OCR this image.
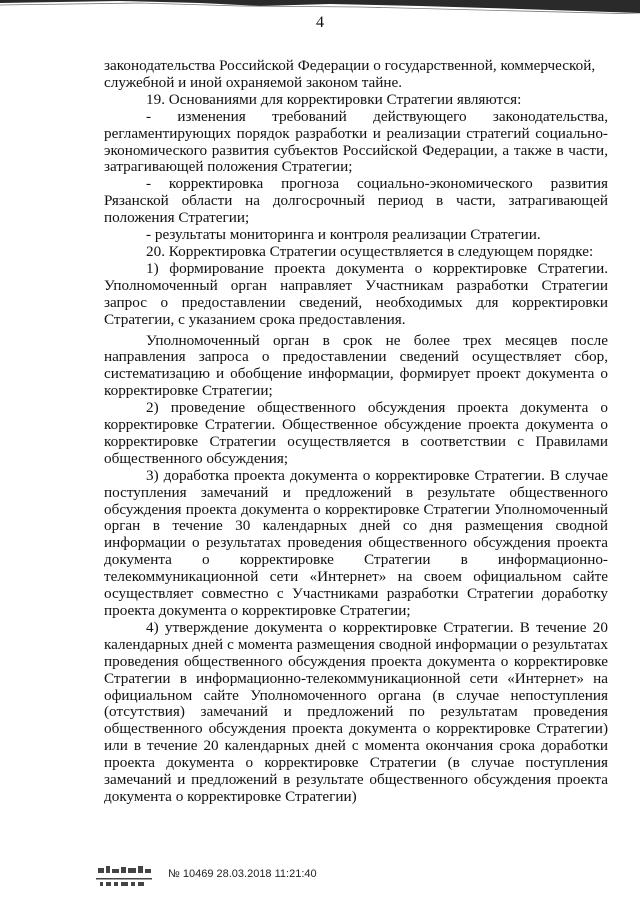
4

законодательства Российской Федерации о государственной, коммерческой, служебной и иной охраняемой законом тайне.

19. Основаниями для корректировки Стратегии являются:

- изменения требований действующего законодательства, регламентирующих порядок разработки и реализации стратегий социально-экономического развития субъектов Российской Федерации, а также в части, затрагивающей положения Стратегии;

- корректировка прогноза социально-экономического развития Рязанской области на долгосрочный период в части, затрагивающей положения Стратегии;

- результаты мониторинга и контроля реализации Стратегии.

20. Корректировка Стратегии осуществляется в следующем порядке:

1) формирование проекта документа о корректировке Стратегии. Уполномоченный орган направляет Участникам разработки Стратегии запрос о предоставлении сведений, необходимых для корректировки Стратегии, с указанием срока предоставления.

Уполномоченный орган в срок не более трех месяцев после направления запроса о предоставлении сведений осуществляет сбор, систематизацию и обобщение информации, формирует проект документа о корректировке Стратегии;

2) проведение общественного обсуждения проекта документа о корректировке Стратегии. Общественное обсуждение проекта документа о корректировке Стратегии осуществляется в соответствии с Правилами общественного обсуждения;

3) доработка проекта документа о корректировке Стратегии. В случае поступления замечаний и предложений в результате общественного обсуждения проекта документа о корректировке Стратегии Уполномоченный орган в течение 30 календарных дней со дня размещения сводной информации о результатах проведения общественного обсуждения проекта документа о корректировке Стратегии в информационно-телекоммуникационной сети «Интернет» на своем официальном сайте осуществляет совместно с Участниками разработки Стратегии доработку проекта документа о корректировке Стратегии;

4) утверждение документа о корректировке Стратегии. В течение 20 календарных дней с момента размещения сводной информации о результатах проведения общественного обсуждения проекта документа о корректировке Стратегии в информационно-телекоммуникационной сети «Интернет» на официальном сайте Уполномоченного органа (в случае непоступления (отсутствия) замечаний и предложений по результатам проведения общественного обсуждения проекта документа о корректировке Стратегии) или в течение 20 календарных дней с момента окончания срока доработки проекта документа о корректировке Стратегии (в случае поступления замечаний и предложений в результате общественного обсуждения проекта документа о корректировке Стратегии)

№ 10469 28.03.2018 11:21:40
